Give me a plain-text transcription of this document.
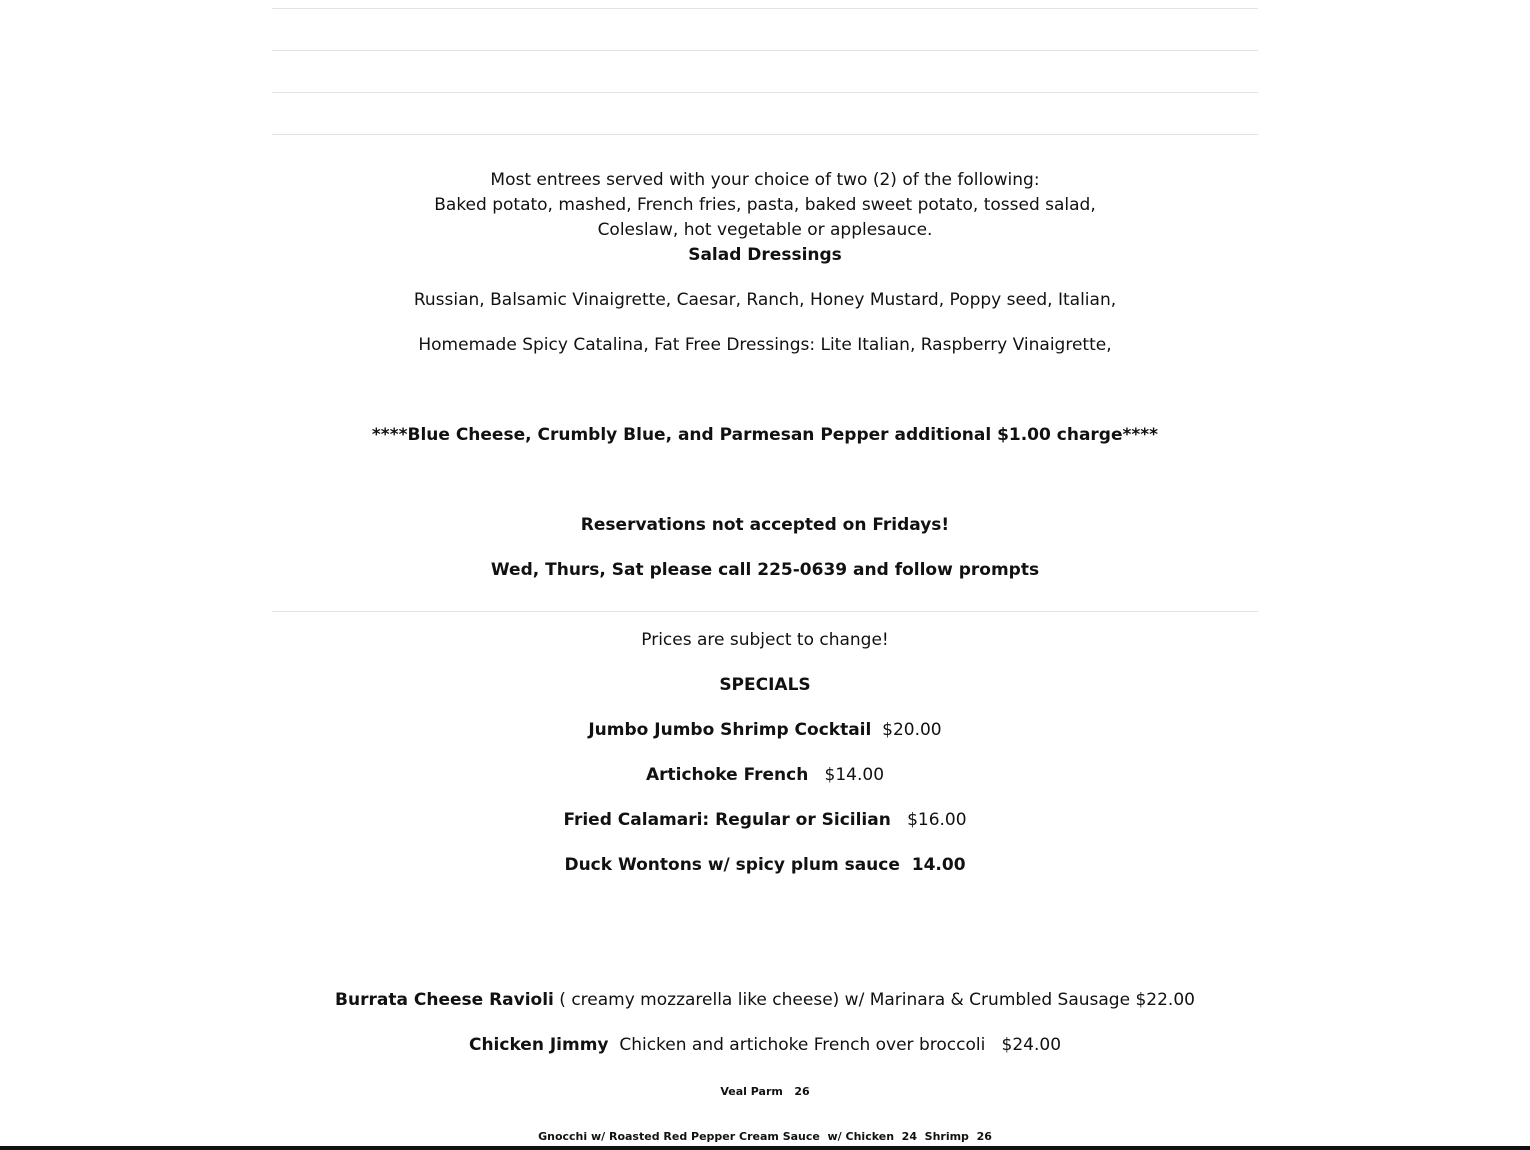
Most entrees served with your choice of two (2) of the following:
Baked potato, mashed, French fries, pasta, baked sweet potato, tossed salad,
Coleslaw, hot vegetable or applesauce.
Salad Dressings
Russian, Balsamic Vinaigrette, Caesar, Ranch, Honey Mustard, Poppy seed, Italian,
Homemade Spicy Catalina, Fat Free Dressings: Lite Italian, Raspberry Vinaigrette,
****Blue Cheese, Crumbly Blue, and Parmesan Pepper additional $1.00 charge****
Reservations not accepted on Fridays!
Wed, Thurs, Sat please call 225-0639 and follow prompts
Prices are subject to change!
SPECIALS
Jumbo Jumbo Shrimp Cocktail $20.00
Artichoke French $14.00
Fried Calamari: Regular or Sicilian $16.00
Duck Wontons w/ spicy plum sauce 14.00
Burrata Cheese Ravioli ( creamy mozzarella like cheese) w/ Marinara & Crumbled Sausage $22.00
Chicken Jimmy Chicken and artichoke French over broccoli $24.00
Veal Parm   26
Gnocchi w/ Roasted Red Pepper Cream Sauce  w/ Chicken  24  Shrimp  26
